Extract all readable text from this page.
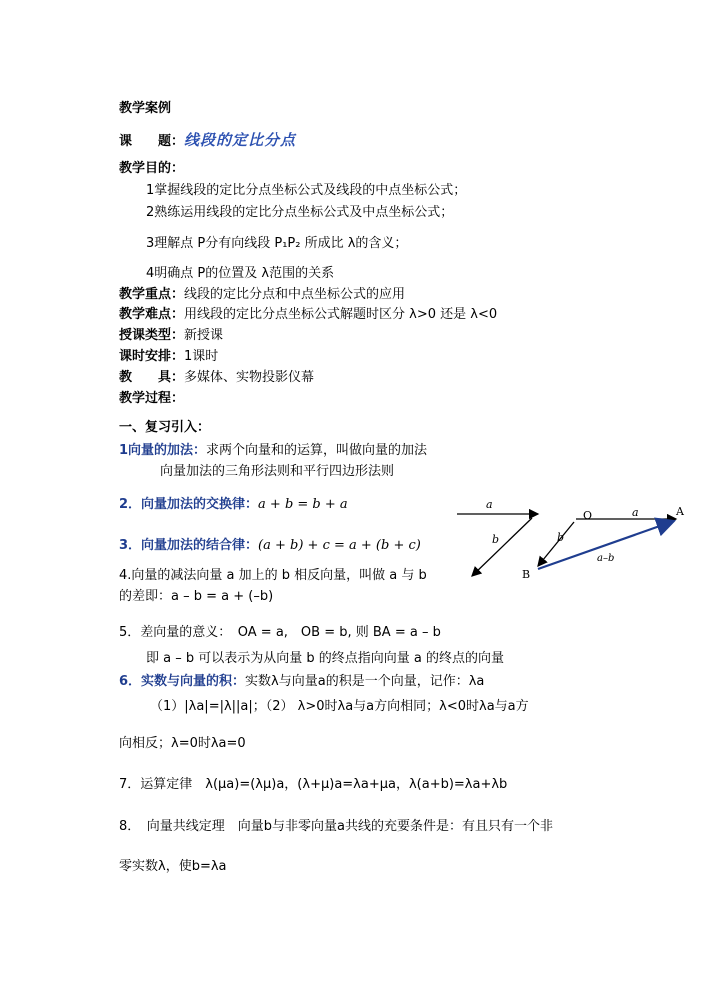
教学案例
课　　题：线段的定比分点
教学目的：
1掌握线段的定比分点坐标公式及线段的中点坐标公式；
2熟练运用线段的定比分点坐标公式及中点坐标公式；
3理解点 P分有向线段 P₁P₂ 所成比 λ的含义；
4明确点 P的位置及 λ范围的关系
教学重点：线段的定比分点和中点坐标公式的应用
教学难点：用线段的定比分点坐标公式解题时区分 λ>0 还是 λ<0
授课类型：新授课
课时安排：1课时
教　　具：多媒体、实物投影仪幕
教学过程：
一、复习引入：
1向量的加法：求两个向量和的运算，叫做向量的加法
向量加法的三角形法则和平行四边形法则
2．向量加法的交换律：a + b = b + a
3．向量加法的结合律：(a + b) + c = a + (b + c)
4.向量的减法向量 a 加上的 b 相反向量，叫做 a 与 b
的差即：a – b = a + (–b)
5．差向量的意义：　OA = a,　OB = b, 则 BA = a – b
即 a – b 可以表示为从向量 b 的终点指向向量 a 的终点的向量
6．实数与向量的积：实数λ与向量a的积是一个向量，记作：λa
（1）|λa|=|λ||a|；（2） λ>0时λa与a方向相同；λ<0时λa与a方
向相反；λ=0时λa=0
7．运算定律　λ(μa)=(λμ)a，(λ+μ)a=λa+μa，λ(a+b)=λa+λb
8．　向量共线定理　向量b与非零向量a共线的充要条件是：有且只有一个非
零实数λ，使b=λa
a
b
O	A
B
a
b
a–b
